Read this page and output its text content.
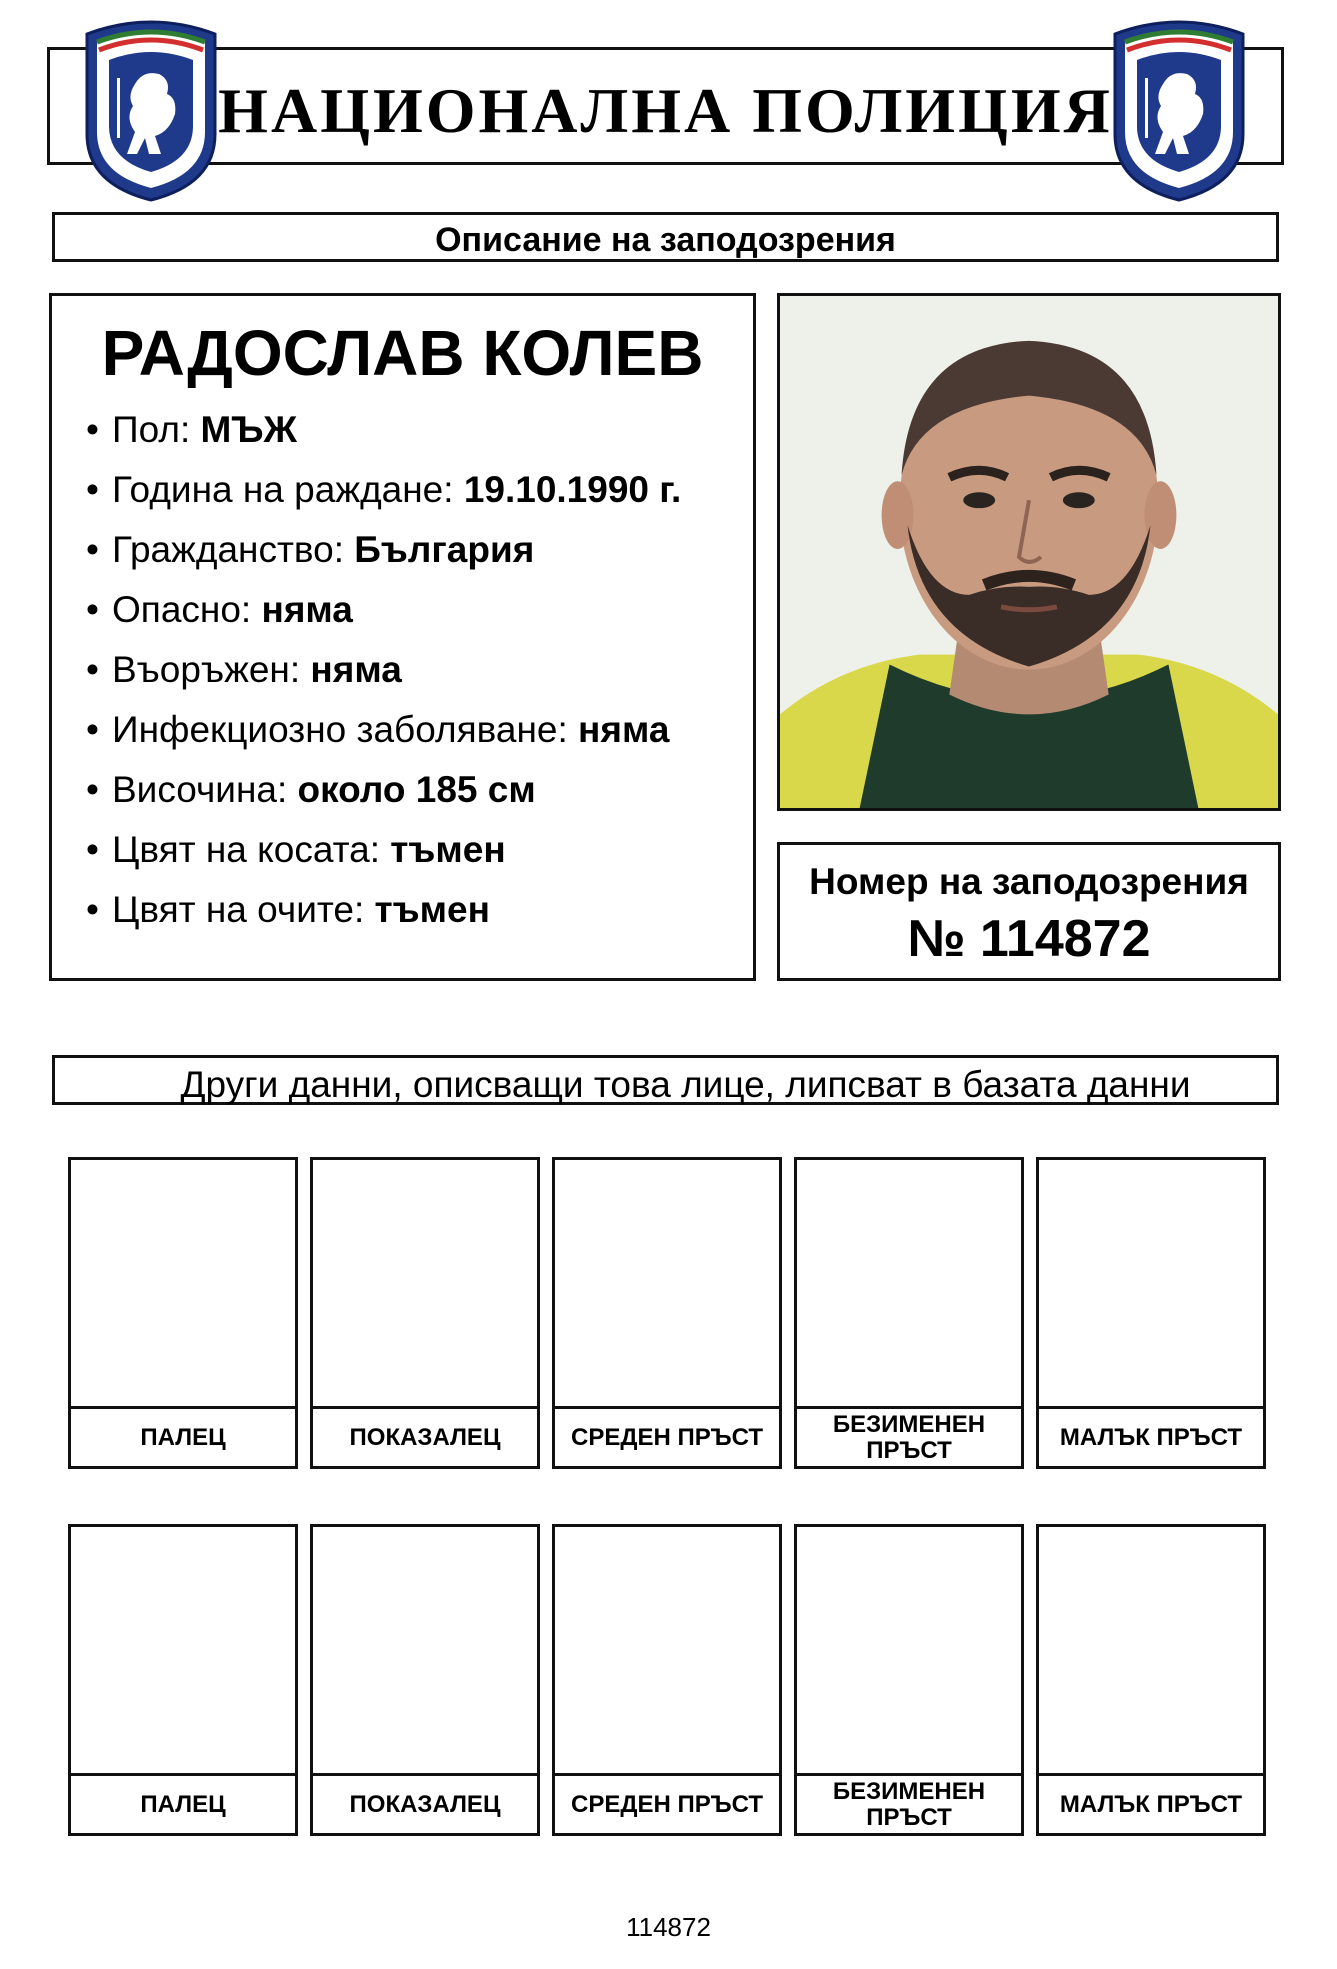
НАЦИОНАЛНА ПОЛИЦИЯ
Описание на заподозрения
РАДОСЛАВ КОЛЕВ
• Пол: МЪЖ
• Година на раждане: 19.10.1990 г.
• Гражданство: България
• Опасно: няма
• Въоръжен: няма
• Инфекциозно заболяване: няма
• Височина: около 185 см
• Цвят на косата: тъмен
• Цвят на очите: тъмен
Номер на заподозрения
№ 114872
Други данни, описващи това лице, липсват в базата данни
ПАЛЕЦ	ПОКАЗАЛЕЦ	СРЕДЕН ПРЪСТ	БЕЗИМЕНЕН ПРЪСТ	МАЛЪК ПРЪСТ
ПАЛЕЦ	ПОКАЗАЛЕЦ	СРЕДЕН ПРЪСТ	БЕЗИМЕНЕН ПРЪСТ	МАЛЪК ПРЪСТ
114872
